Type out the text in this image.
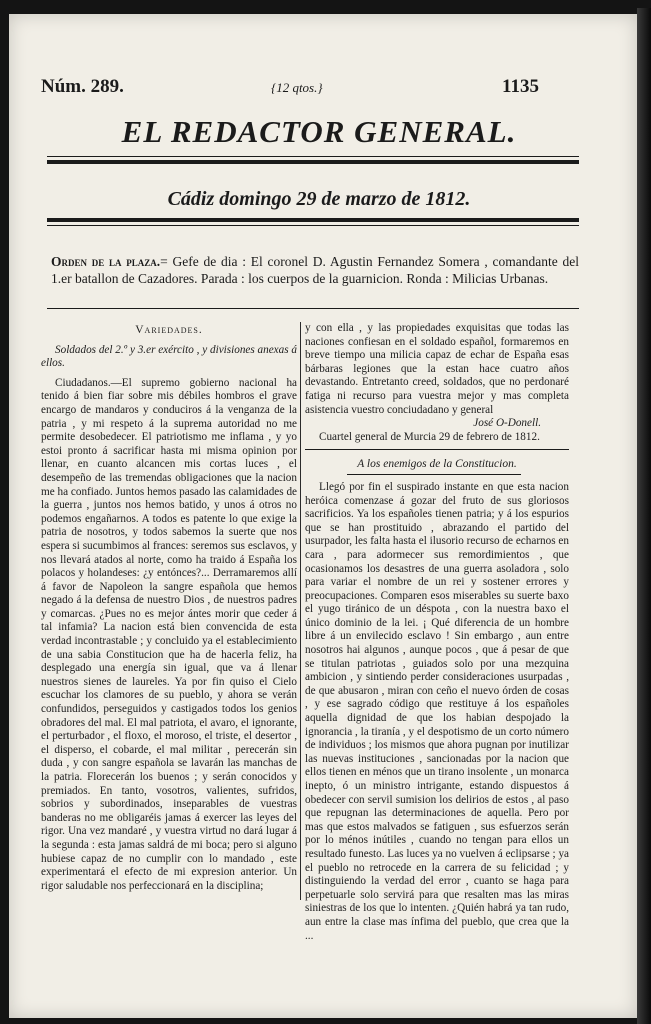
Núm. 289.	{12 qtos.}	1135
EL REDACTOR GENERAL.
Cádiz domingo 29 de marzo de 1812.
Orden de la plaza.= Gefe de dia : El coronel D. Agustin Fernandez Somera , comandante del 1.er batallon de Cazadores. Parada : los cuerpos de la guarnicion. Ronda : Milicias Urbanas.
Variedades.

Soldados del 2.º y 3.er exército , y divisiones anexas á ellos.

Ciudadanos.—El supremo gobierno nacional ha tenido á bien fiar sobre mis débiles hombros el grave encargo de mandaros y conduciros á la venganza de la patria , y mi respeto á la suprema autoridad no me permite desobedecer. El patriotismo me inflama , y yo estoi pronto á sacrificar hasta mi misma opinion por llenar, en cuanto alcancen mis cortas luces , el desempeño de las tremendas obligaciones que la nacion me ha confiado. Juntos hemos pasado las calamidades de la guerra , juntos nos hemos batido, y unos á otros no podemos engañarnos. A todos es patente lo que exige la patria de nosotros, y todos sabemos la suerte que nos espera si sucumbimos al frances: seremos sus esclavos, y nos llevará atados al norte, como ha traido á España los polacos y holandeses: ¿y entónces?... Derramaremos allí á favor de Napoleon la sangre española que hemos negado á la defensa de nuestro Dios , de nuestros padres y comarcas. ¿Pues no es mejor ántes morir que ceder á tal infamia? La nacion está bien convencida de esta verdad incontrastable ; y concluido ya el establecimiento de una sabia Constitucion que ha de hacerla feliz, ha desplegado una energía sin igual, que va á llenar nuestros sienes de laureles. Ya por fin quiso el Cielo escuchar los clamores de su pueblo, y ahora se verán confundidos, perseguidos y castigados todos los genios obradores del mal. El mal patriota, el avaro, el ignorante, el perturbador , el floxo, el moroso, el triste, el desertor , el disperso, el cobarde, el mal militar , perecerán sin duda , y con sangre española se lavarán las manchas de la patria. Florecerán los buenos ; y serán conocidos y premiados. En tanto, vosotros, valientes, sufridos, sobrios y subordinados, inseparables de vuestras banderas no me obligaréis jamas á exercer las leyes del rigor. Una vez mandaré , y vuestra virtud no dará lugar á la segunda : esta jamas saldrá de mi boca; pero si alguno hubiese capaz de no cumplir con lo mandado , este experimentará el efecto de mi expresion anterior. Un rigor saludable nos perfeccionará en la disciplina;

y con ella , y las propiedades exquisitas que todas las naciones confiesan en el soldado español, formaremos en breve tiempo una milicia capaz de echar de España esas bárbaras legiones que la estan hace cuatro años devastando. Entretanto creed, soldados, que no perdonaré fatiga ni recurso para vuestra mejor y mas completa asistencia vuestro conciudadano y general

José O-Donell.

Cuartel general de Murcia 29 de febrero de 1812.

A los enemigos de la Constitucion.

Llegó por fin el suspirado instante en que esta nacion heróica comenzase á gozar del fruto de sus gloriosos sacrificios. Ya los españoles tienen patria; y á los espurios que se han prostituido , abrazando el partido del usurpador, les falta hasta el ilusorio recurso de echarnos en cara , para adormecer sus remordimientos , que ocasionamos los desastres de una guerra asoladora , solo para variar el nombre de un rei y sostener errores y preocupaciones. Comparen esos miserables su suerte baxo el yugo tiránico de un déspota , con la nuestra baxo el único dominio de la lei. ¡ Qué diferencia de un hombre libre á un envilecido esclavo ! Sin embargo , aun entre nosotros hai algunos , aunque pocos , que á pesar de que se titulan patriotas , guiados solo por una mezquina ambicion , y sintiendo perder consideraciones usurpadas , de que abusaron , miran con ceño el nuevo órden de cosas , y ese sagrado código que restituye á los españoles aquella dignidad de que los habian despojado la ignorancia , la tiranía , y el despotismo de un corto número de individuos ; los mismos que ahora pugnan por inutilizar las nuevas instituciones , sancionadas por la nacion que ellos tienen en ménos que un tirano insolente , un monarca inepto, ó un ministro intrigante, estando dispuestos á obedecer con servil sumision los delirios de estos , al paso que repugnan las determinaciones de aquella. Pero por mas que estos malvados se fatiguen , sus esfuerzos serán por lo ménos inútiles , cuando no tengan para ellos un resultado funesto. Las luces ya no vuelven á eclipsarse ; ya el pueblo no retrocede en la carrera de su felicidad ; y distinguiendo la verdad del error , cuanto se haga para perpetuarle solo servirá para que resalten mas las miras siniestras de los que lo intenten. ¿Quién habrá ya tan rudo, aun entre la clase mas ínfima del pueblo, que crea que la ...
